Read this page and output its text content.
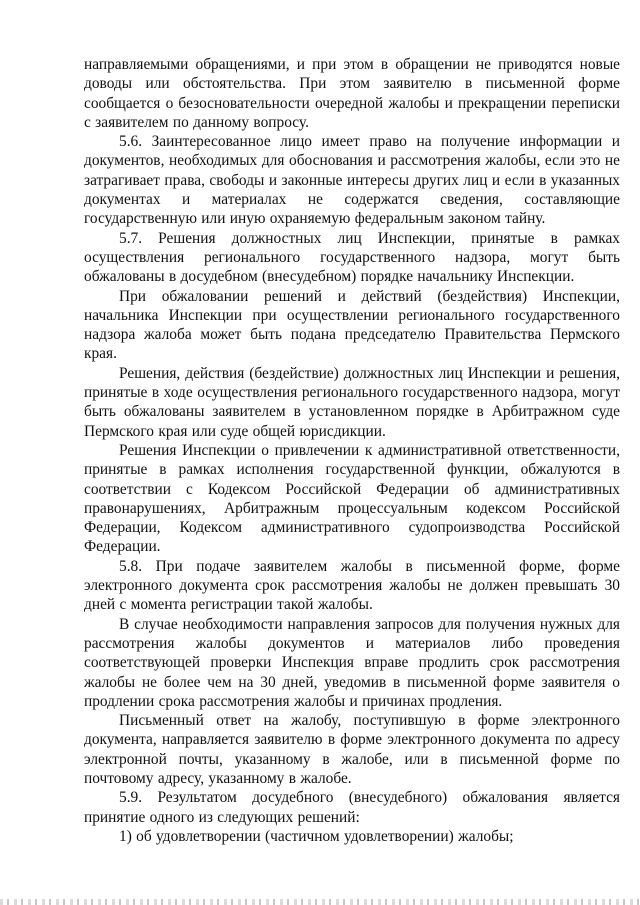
направляемыми обращениями, и при этом в обращении не приводятся новые доводы или обстоятельства. При этом заявителю в письменной форме сообщается о безосновательности очередной жалобы и прекращении переписки с заявителем по данному вопросу.

5.6. Заинтересованное лицо имеет право на получение информации и документов, необходимых для обоснования и рассмотрения жалобы, если это не затрагивает права, свободы и законные интересы других лиц и если в указанных документах и материалах не содержатся сведения, составляющие государственную или иную охраняемую федеральным законом тайну.

5.7. Решения должностных лиц Инспекции, принятые в рамках осуществления регионального государственного надзора, могут быть обжалованы в досудебном (внесудебном) порядке начальнику Инспекции.

При обжаловании решений и действий (бездействия) Инспекции, начальника Инспекции при осуществлении регионального государственного надзора жалоба может быть подана председателю Правительства Пермского края.

Решения, действия (бездействие) должностных лиц Инспекции и решения, принятые в ходе осуществления регионального государственного надзора, могут быть обжалованы заявителем в установленном порядке в Арбитражном суде Пермского края или суде общей юрисдикции.

Решения Инспекции о привлечении к административной ответственности, принятые в рамках исполнения государственной функции, обжалуются в соответствии с Кодексом Российской Федерации об административных правонарушениях, Арбитражным процессуальным кодексом Российской Федерации, Кодексом административного судопроизводства Российской Федерации.

5.8. При подаче заявителем жалобы в письменной форме, форме электронного документа срок рассмотрения жалобы не должен превышать 30 дней с момента регистрации такой жалобы.

В случае необходимости направления запросов для получения нужных для рассмотрения жалобы документов и материалов либо проведения соответствующей проверки Инспекция вправе продлить срок рассмотрения жалобы не более чем на 30 дней, уведомив в письменной форме заявителя о продлении срока рассмотрения жалобы и причинах продления.

Письменный ответ на жалобу, поступившую в форме электронного документа, направляется заявителю в форме электронного документа по адресу электронной почты, указанному в жалобе, или в письменной форме по почтовому адресу, указанному в жалобе.

5.9. Результатом досудебного (внесудебного) обжалования является принятие одного из следующих решений:

1) об удовлетворении (частичном удовлетворении) жалобы;
